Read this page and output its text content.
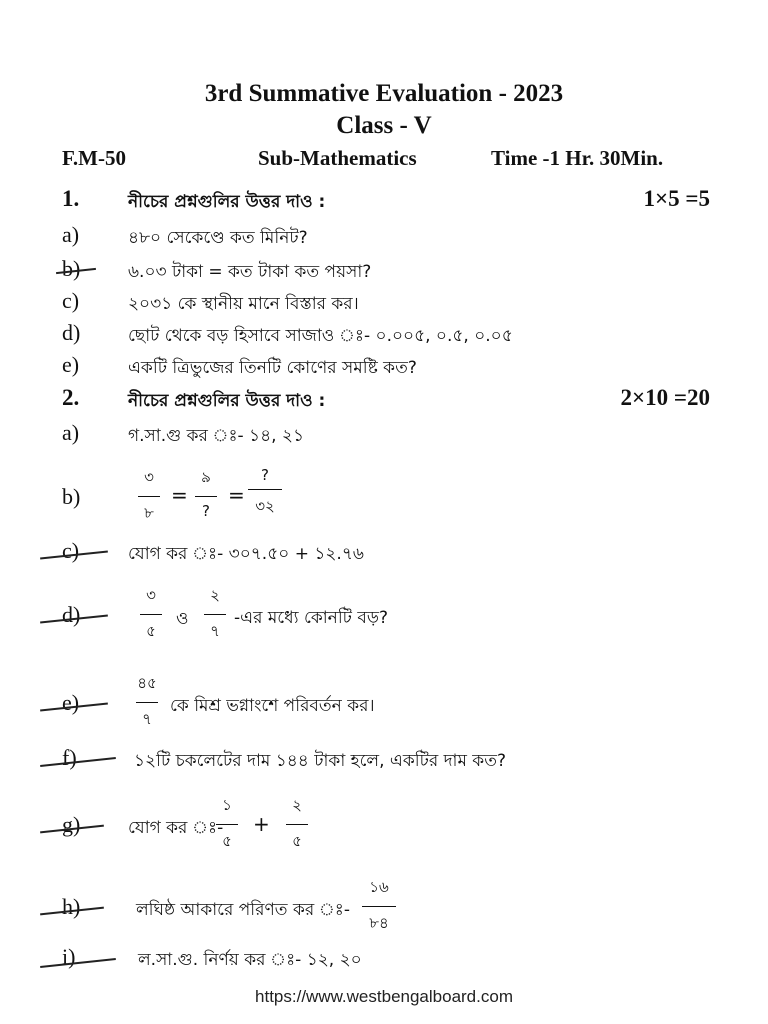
3rd Summative Evaluation - 2023
Class - V
F.M-50	Sub-Mathematics	Time -1 Hr. 30Min.
1.	নীচের প্রশ্নগুলির উত্তর দাও :	1×5 =5
a)	৪৮০ সেকেণ্ডে কত মিনিট?
b)	৬.০৩ টাকা = কত টাকা কত পয়সা?
c)	২০৩১ কে স্থানীয় মানে বিস্তার কর।
d)	ছোট থেকে বড় হিসাবে সাজাও ঃ- ০.০০৫, ০.৫, ০.০৫
e)	একটি ত্রিভুজের তিনটি কোণের সমষ্টি কত?
2.	নীচের প্রশ্নগুলির উত্তর দাও :	2×10 =20
a)	গ.সা.গু কর ঃ- ১৪, ২১
b)
৩
৮
=
৯
?
=
?
৩২
c)	যোগ কর ঃ- ৩০৭.৫০ + ১২.৭৬
d)	-এর মধ্যে কোনটি বড়?
৩
৫
ও
২
৭
e)	কে মিশ্র ভগ্নাংশে পরিবর্তন কর।
৪৫
৭
f)	১২টি চকলেটের দাম ১৪৪ টাকা হলে, একটির দাম কত?
g)	যোগ কর ঃ-
১
৫
+
২
৫
h)	লঘিষ্ঠ আকারে পরিণত কর ঃ-
১৬
৮৪
i)	ল.সা.গু. নির্ণয় কর ঃ- ১২, ২০
https://www.westbengalboard.com
